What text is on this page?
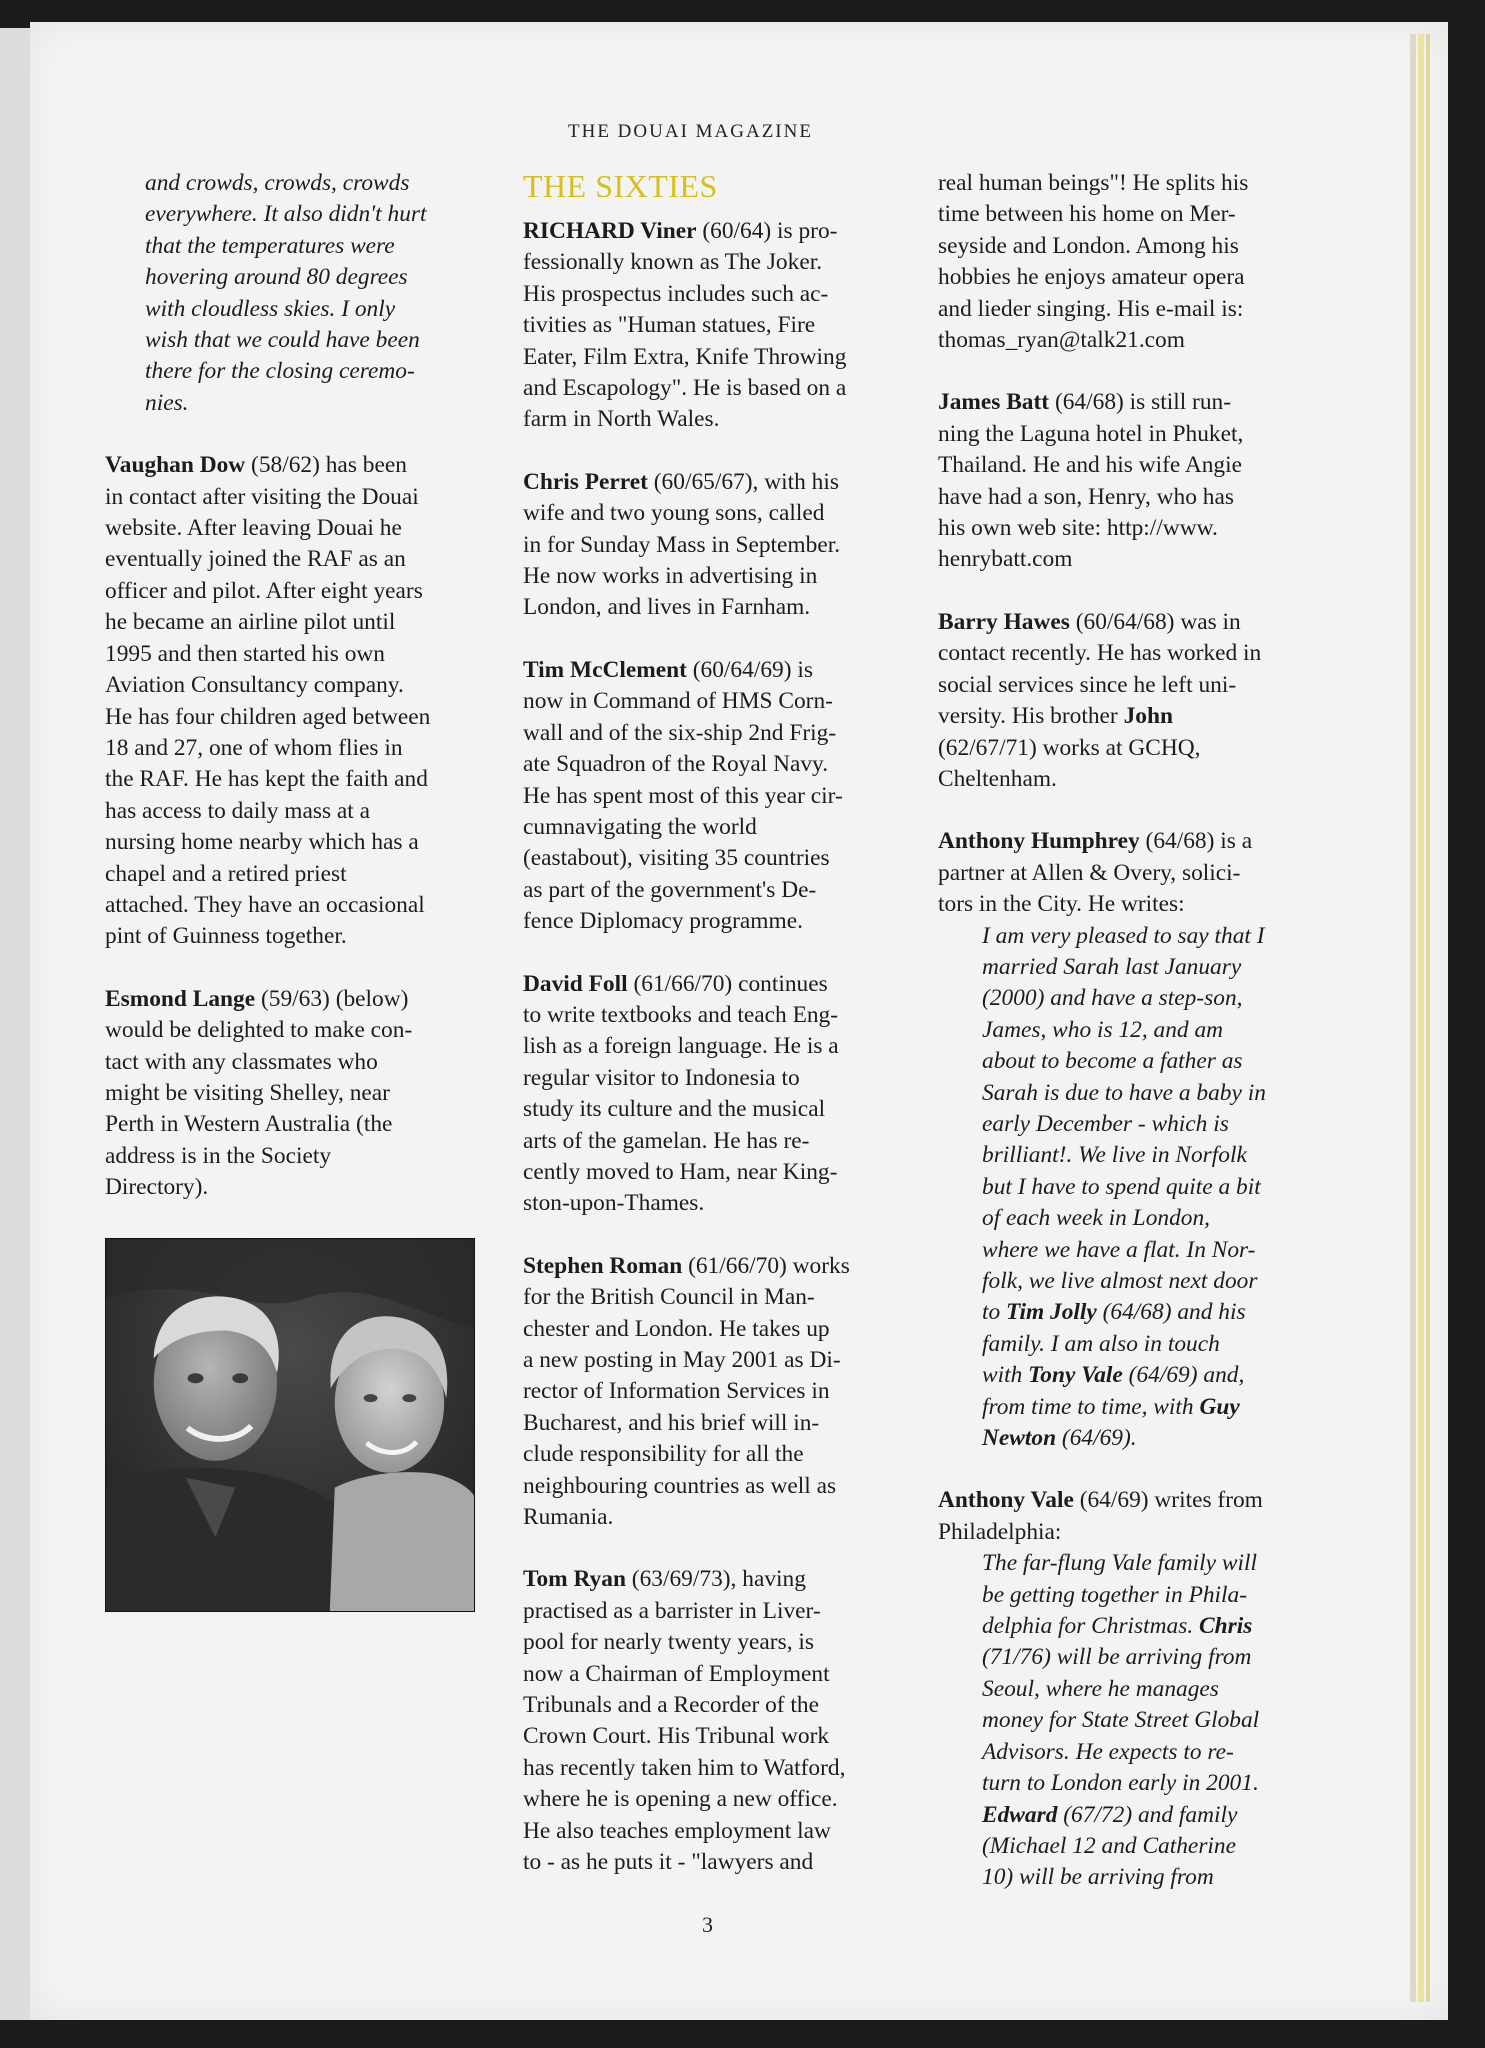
THE DOUAI MAGAZINE

and crowds, crowds, crowds

everywhere. It also didn't hurt

that the temperatures were

hovering around 80 degrees

with cloudless skies. I only

wish that we could have been

there for the closing ceremo-

nies.

Vaughan Dow (58/62) has been

in contact after visiting the Douai

website. After leaving Douai he

eventually joined the RAF as an

officer and pilot. After eight years

he became an airline pilot until

1995 and then started his own

Aviation Consultancy company.

He has four children aged between

18 and 27, one of whom flies in

the RAF. He has kept the faith and

has access to daily mass at a

nursing home nearby which has a

chapel and a retired priest

attached. They have an occasional

pint of Guinness together.

Esmond Lange (59/63) (below)

would be delighted to make con-

tact with any classmates who

might be visiting Shelley, near

Perth in Western Australia (the

address is in the Society

Directory).

THE SIXTIES

RICHARD Viner (60/64) is pro-

fessionally known as The Joker.

His prospectus includes such ac-

tivities as "Human statues, Fire

Eater, Film Extra, Knife Throwing

and Escapology". He is based on a

farm in North Wales.

Chris Perret (60/65/67), with his

wife and two young sons, called

in for Sunday Mass in September.

He now works in advertising in

London, and lives in Farnham.

Tim McClement (60/64/69) is

now in Command of HMS Corn-

wall and of the six-ship 2nd Frig-

ate Squadron of the Royal Navy.

He has spent most of this year cir-

cumnavigating the world

(eastabout), visiting 35 countries

as part of the government's De-

fence Diplomacy programme.

David Foll (61/66/70) continues

to write textbooks and teach Eng-

lish as a foreign language. He is a

regular visitor to Indonesia to

study its culture and the musical

arts of the gamelan. He has re-

cently moved to Ham, near King-

ston-upon-Thames.

Stephen Roman (61/66/70) works

for the British Council in Man-

chester and London. He takes up

a new posting in May 2001 as Di-

rector of Information Services in

Bucharest, and his brief will in-

clude responsibility for all the

neighbouring countries as well as

Rumania.

Tom Ryan (63/69/73), having

practised as a barrister in Liver-

pool for nearly twenty years, is

now a Chairman of Employment

Tribunals and a Recorder of the

Crown Court. His Tribunal work

has recently taken him to Watford,

where he is opening a new office.

He also teaches employment law

to - as he puts it - "lawyers and

real human beings"! He splits his

time between his home on Mer-

seyside and London. Among his

hobbies he enjoys amateur opera

and lieder singing. His e-mail is:

thomas_ryan@talk21.com

James Batt (64/68) is still run-

ning the Laguna hotel in Phuket,

Thailand. He and his wife Angie

have had a son, Henry, who has

his own web site: http://www.

henrybatt.com

Barry Hawes (60/64/68) was in

contact recently. He has worked in

social services since he left uni-

versity. His brother John

(62/67/71) works at GCHQ,

Cheltenham.

Anthony Humphrey (64/68) is a

partner at Allen & Overy, solici-

tors in the City. He writes:

I am very pleased to say that I

married Sarah last January

(2000) and have a step-son,

James, who is 12, and am

about to become a father as

Sarah is due to have a baby in

early December - which is

brilliant!. We live in Norfolk

but I have to spend quite a bit

of each week in London,

where we have a flat. In Nor-

folk, we live almost next door

to Tim Jolly (64/68) and his

family. I am also in touch

with Tony Vale (64/69) and,

from time to time, with Guy

Newton (64/69).

Anthony Vale (64/69) writes from

Philadelphia:

The far-flung Vale family will

be getting together in Phila-

delphia for Christmas. Chris

(71/76) will be arriving from

Seoul, where he manages

money for State Street Global

Advisors. He expects to re-

turn to London early in 2001.

Edward (67/72) and family

(Michael 12 and Catherine

10) will be arriving from

3
